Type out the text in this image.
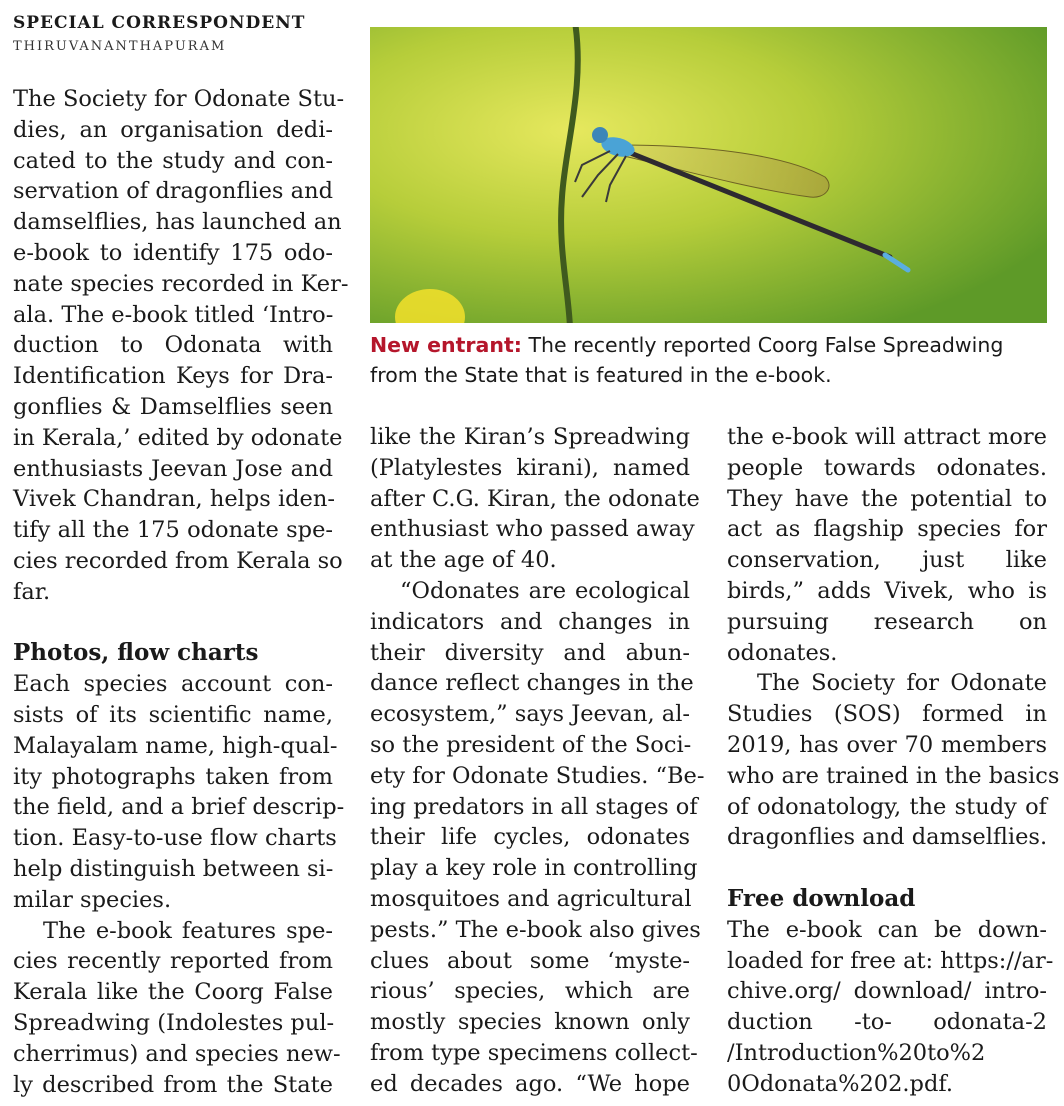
SPECIAL CORRESPONDENT
THIRUVANANTHAPURAM
New entrant: The recently reported Coorg False Spreadwing
from the State that is featured in the e-book.

The Society for Odonate Stu-
dies, an organisation dedi-
cated to the study and con-
servation of dragonflies and
damselflies, has launched an
e-book to identify 175 odo-
nate species recorded in Ker-
ala. The e-book titled ‘Intro-
duction to Odonata with
Identification Keys for Dra-
gonflies & Damselflies seen
in Kerala,’ edited by odonate
enthusiasts Jeevan Jose and
Vivek Chandran, helps iden-
tify all the 175 odonate spe-
cies recorded from Kerala so
far.

Photos, flow charts

Each species account con-
sists of its scientific name,
Malayalam name, high-qual-
ity photographs taken from
the field, and a brief descrip-
tion. Easy-to-use flow charts
help distinguish between si-
milar species.

The e-book features spe-
cies recently reported from
Kerala like the Coorg False
Spreadwing (Indolestes pul-
cherrimus) and species new-
ly described from the State

like the Kiran’s Spreadwing
(Platylestes kirani), named
after C.G. Kiran, the odonate
enthusiast who passed away
at the age of 40.

“Odonates are ecological
indicators and changes in
their diversity and abun-
dance reflect changes in the
ecosystem,” says Jeevan, al-
so the president of the Soci-
ety for Odonate Studies. “Be-
ing predators in all stages of
their life cycles, odonates
play a key role in controlling
mosquitoes and agricultural
pests.” The e-book also gives
clues about some ‘myste-
rious’ species, which are
mostly species known only
from type specimens collect-
ed decades ago. “We hope

the e-book will attract more
people towards odonates.
They have the potential to
act as flagship species for
conservation, just like
birds,” adds Vivek, who is
pursuing research on
odonates.

The Society for Odonate
Studies (SOS) formed in
2019, has over 70 members
who are trained in the basics
of odonatology, the study of
dragonflies and damselflies.

Free download

The e-book can be down-
loaded for free at: https://ar-
chive.org/ download/ intro-
duction -to- odonata-2
/Introduction%20to%2
0Odonata%202.pdf.
